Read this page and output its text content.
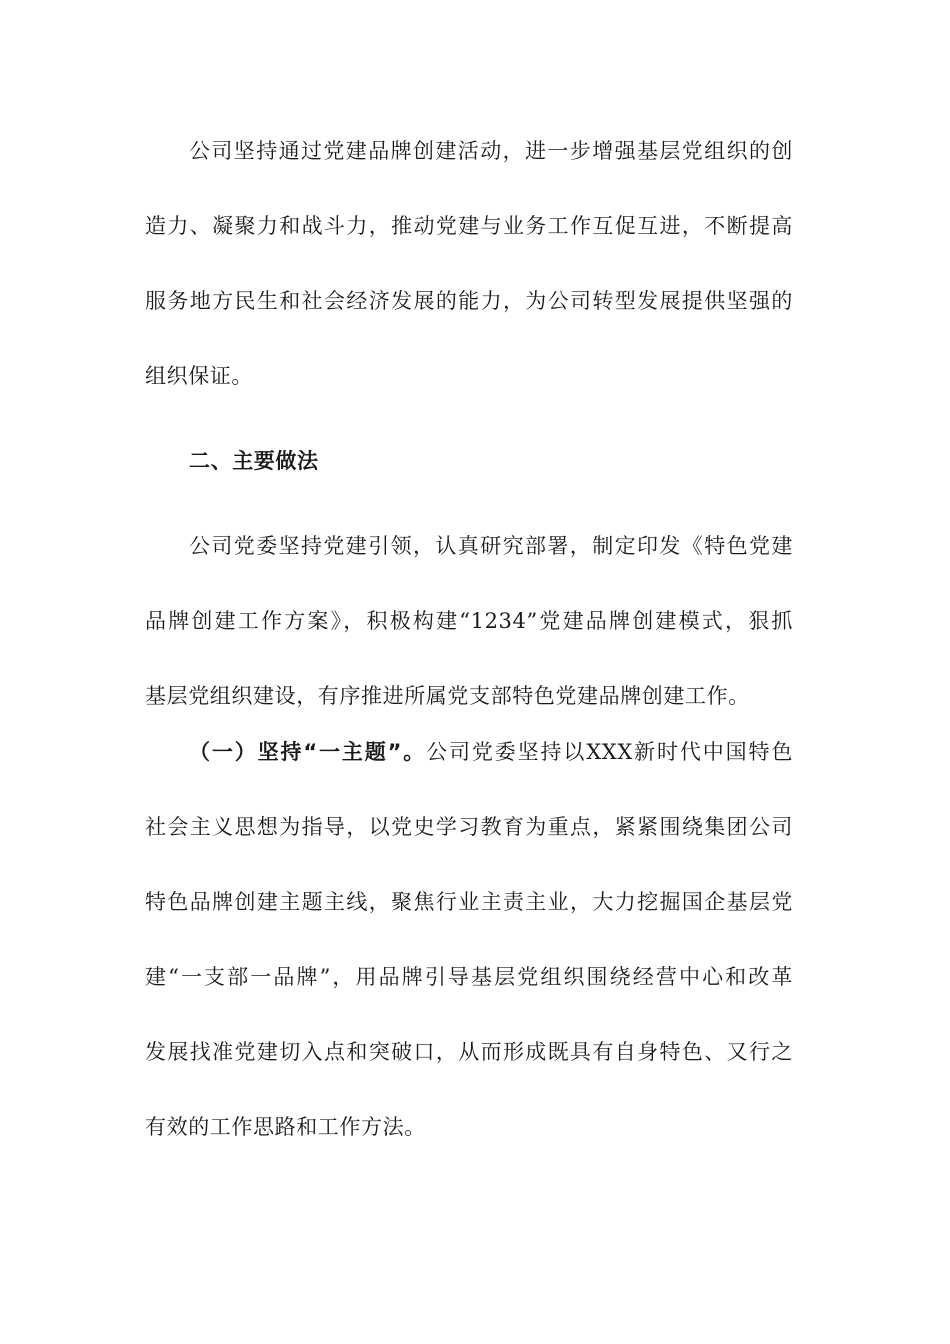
公司坚持通过党建品牌创建活动，进一步增强基层党组织的创
造力、凝聚力和战斗力，推动党建与业务工作互促互进，不断提高
服务地方民生和社会经济发展的能力，为公司转型发展提供坚强的
组织保证。
二、主要做法
公司党委坚持党建引领，认真研究部署，制定印发《特色党建
品牌创建工作方案》，积极构建“1234”党建品牌创建模式，狠抓
基层党组织建设，有序推进所属党支部特色党建品牌创建工作。
（一）坚持“一主题”。公司党委坚持以XXX新时代中国特色
社会主义思想为指导，以党史学习教育为重点，紧紧围绕集团公司
特色品牌创建主题主线，聚焦行业主责主业，大力挖掘国企基层党
建“一支部一品牌”，用品牌引导基层党组织围绕经营中心和改革
发展找准党建切入点和突破口，从而形成既具有自身特色、又行之
有效的工作思路和工作方法。
